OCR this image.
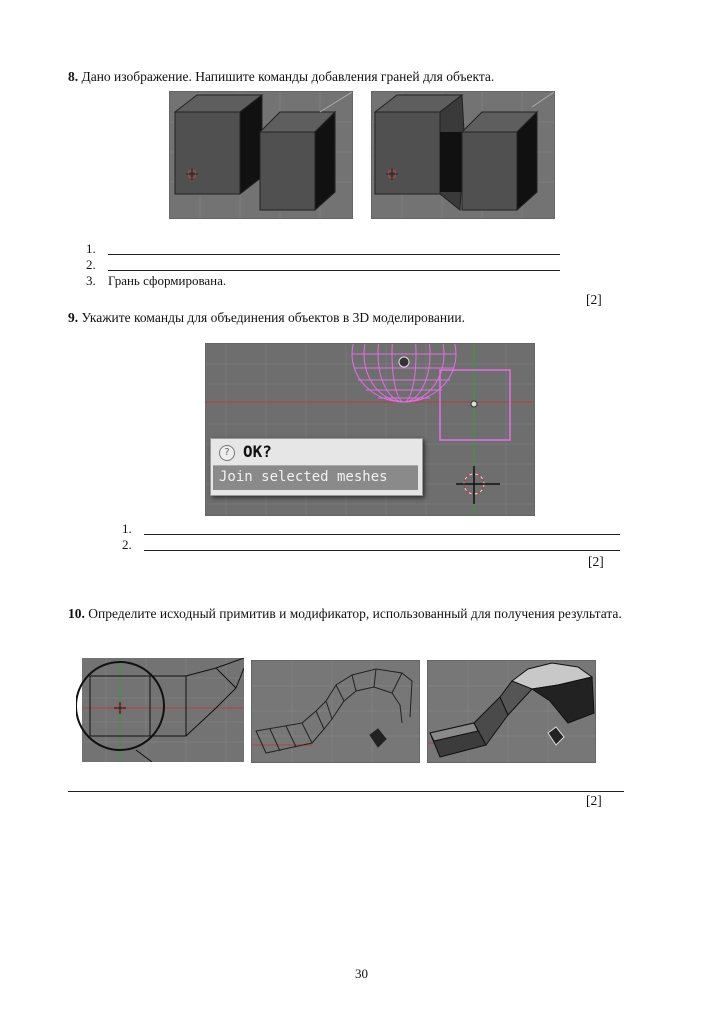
8. Дано изображение. Напишите команды добавления граней для объекта.
1.
2.
3. Грань сформирована.
[2]
9. Укажите команды для объединения объектов в 3D моделировании.
? OK?
Join selected meshes
1.
2.
[2]
10. Определите исходный примитив и модификатор, использованный для получения результата.
[2]
30
